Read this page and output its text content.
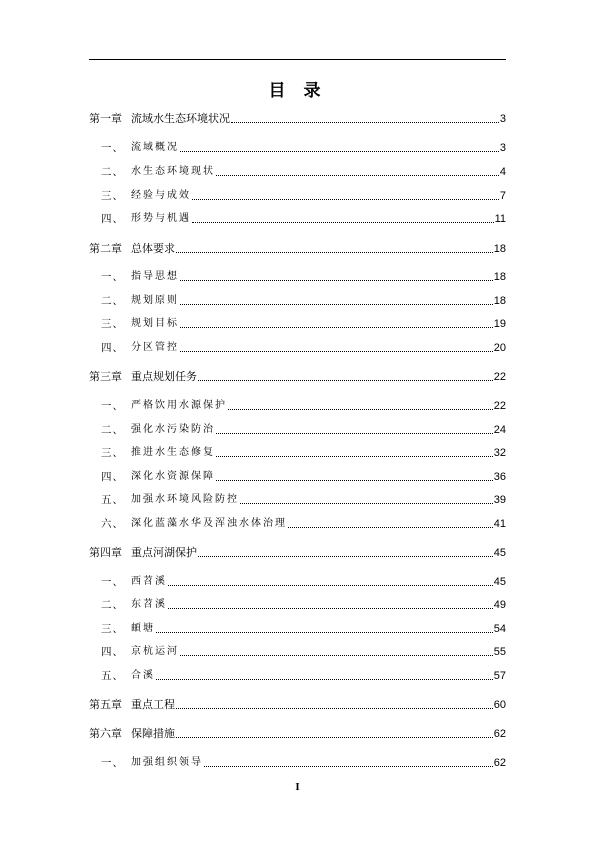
目 录
第一章 流域水生态环境状况	3
一、 流域概况	3
二、 水生态环境现状	4
三、 经验与成效	7
四、 形势与机遇	11
第二章 总体要求	18
一、 指导思想	18
二、 规划原则	18
三、 规划目标	19
四、 分区管控	20
第三章 重点规划任务	22
一、 严格饮用水源保护	22
二、 强化水污染防治	24
三、 推进水生态修复	32
四、 深化水资源保障	36
五、 加强水环境风险防控	39
六、 深化蓝藻水华及浑浊水体治理	41
第四章 重点河湖保护	45
一、 西苕溪	45
二、 东苕溪	49
三、 頔塘	54
四、 京杭运河	55
五、 合溪	57
第五章 重点工程	60
第六章 保障措施	62
一、 加强组织领导	62
I
